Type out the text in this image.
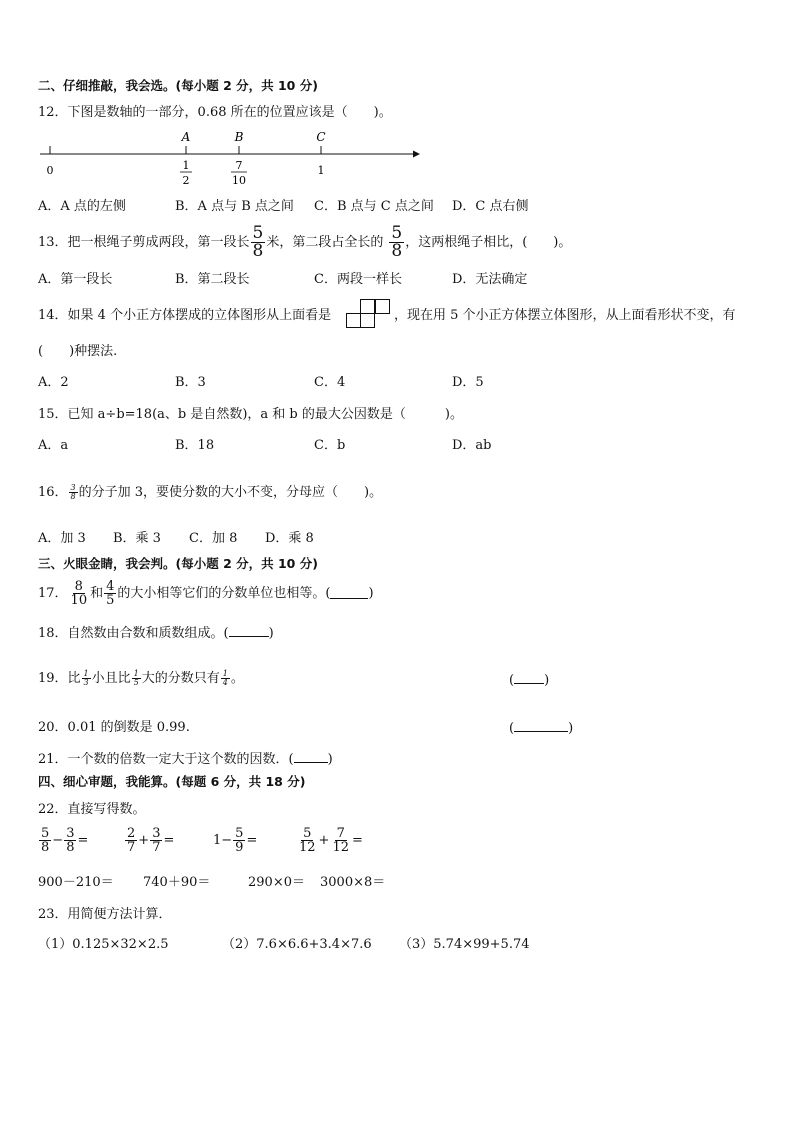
二、仔细推敲，我会选。(每小题 2 分，共 10 分)
12．下图是数轴的一部分，0.68 所在的位置应该是（　　)。
A	B	C
0	1
1
2
7
10
A．A 点的左侧	B．A 点与 B 点之间 C．B 点与 C 点之间 D．C 点右侧
13．把一根绳子剪成两段，第一段长 $\frac{5}{8}$ 米，第二段占全长的 $\frac{5}{8}$ ，这两根绳子相比，(　　)。
A．第一段长	B．第二段长	C．两段一样长	D．无法确定
14．如果 4 个小正方体摆成的立体图形从上面看是	，现在用 5 个小正方体摆立体图形，从上面看形状不变，有
(　　)种摆法.
A．2	B．3	C．4	D．5
15．已知 a÷b=18(a、b 是自然数)，a 和 b 的最大公因数是（　　　)。
A．a	B．18	C．b	D．ab
16． $\frac{3}{8}$ 的分子加 3，要使分数的大小不变，分母应（　　)。
A．加 3 B．乘 3 C．加 8 D．乘 8
三、火眼金睛，我会判。(每小题 2 分，共 10 分)
17． $\frac{8}{10}$ 和 $\frac{4}{5}$ 的大小相等它们的分数单位也相等。(	)
18．自然数由合数和质数组成。(	)
19．比 $\frac{1}{3}$ 小且比 $\frac{1}{5}$ 大的分数只有 $\frac{1}{4}$ 。	( )
20．0.01 的倒数是 0.99.	(	)
21．一个数的倍数一定大于这个数的因数．(	)
四、细心审题，我能算。(每题 6 分，共 18 分)
22．直接写得数。
$\frac{5}{8} - \frac{3}{8}$ =	$\frac{2}{7} + \frac{3}{7}$ =	$1- \frac{5}{9}$ =	$\frac{5}{12} + \frac{7}{12}$ =
900－210＝ 740＋90＝	290×0＝ 3000×8＝
23．用简便方法计算．
（1）0.125×32×2.5	（2）7.6×6.6+3.4×7.6 （3）5.74×99+5.74
